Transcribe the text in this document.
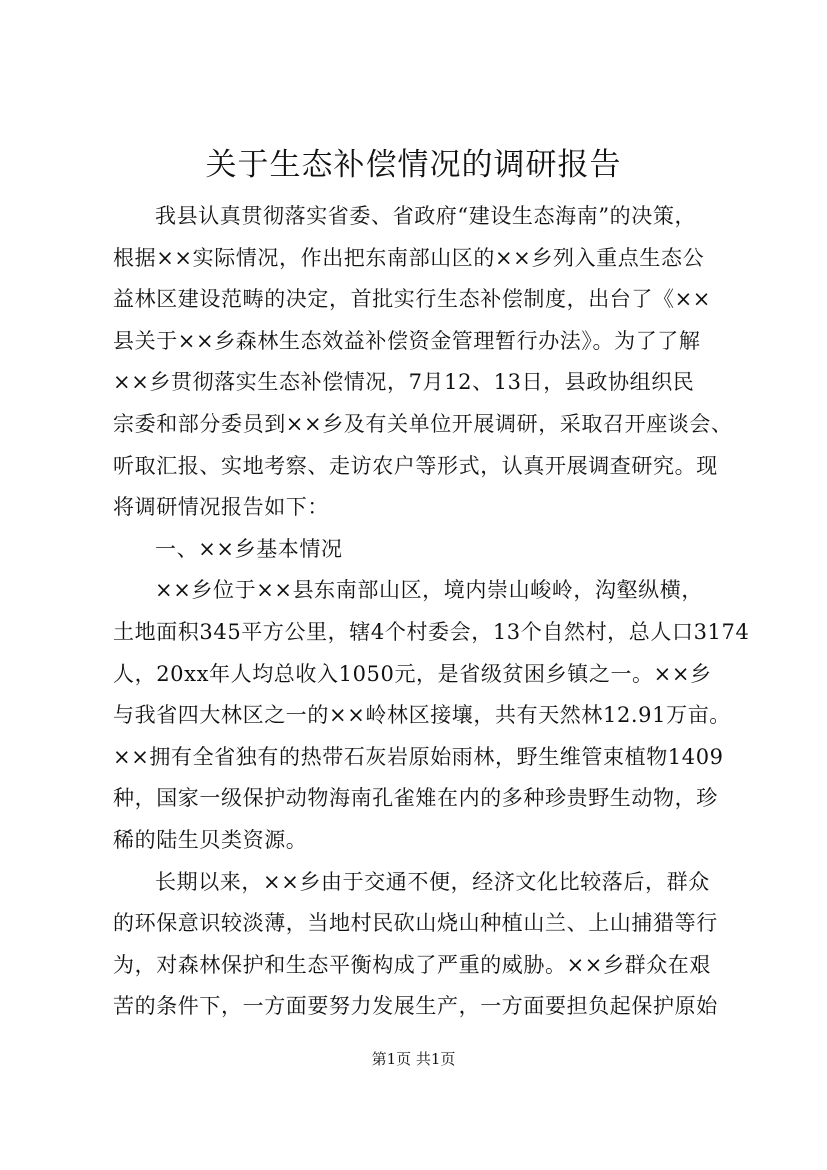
关于生态补偿情况的调研报告
我县认真贯彻落实省委、省政府“建设生态海南”的决策，
根据××实际情况，作出把东南部山区的××乡列入重点生态公
益林区建设范畴的决定，首批实行生态补偿制度，出台了《××
县关于××乡森林生态效益补偿资金管理暂行办法》。为了了解
××乡贯彻落实生态补偿情况，7月12、13日，县政协组织民
宗委和部分委员到××乡及有关单位开展调研，采取召开座谈会、
听取汇报、实地考察、走访农户等形式，认真开展调查研究。现
将调研情况报告如下：
一、××乡基本情况
××乡位于××县东南部山区，境内崇山峻岭，沟壑纵横，
土地面积345平方公里，辖4个村委会，13个自然村，总人口3174
人，20xx年人均总收入1050元，是省级贫困乡镇之一。××乡
与我省四大林区之一的××岭林区接壤，共有天然林12.91万亩。
××拥有全省独有的热带石灰岩原始雨林，野生维管束植物1409
种，国家一级保护动物海南孔雀雉在内的多种珍贵野生动物，珍
稀的陆生贝类资源。
长期以来，××乡由于交通不便，经济文化比较落后，群众
的环保意识较淡薄，当地村民砍山烧山种植山兰、上山捕猎等行
为，对森林保护和生态平衡构成了严重的威胁。××乡群众在艰
苦的条件下，一方面要努力发展生产，一方面要担负起保护原始
第1页 共1页
